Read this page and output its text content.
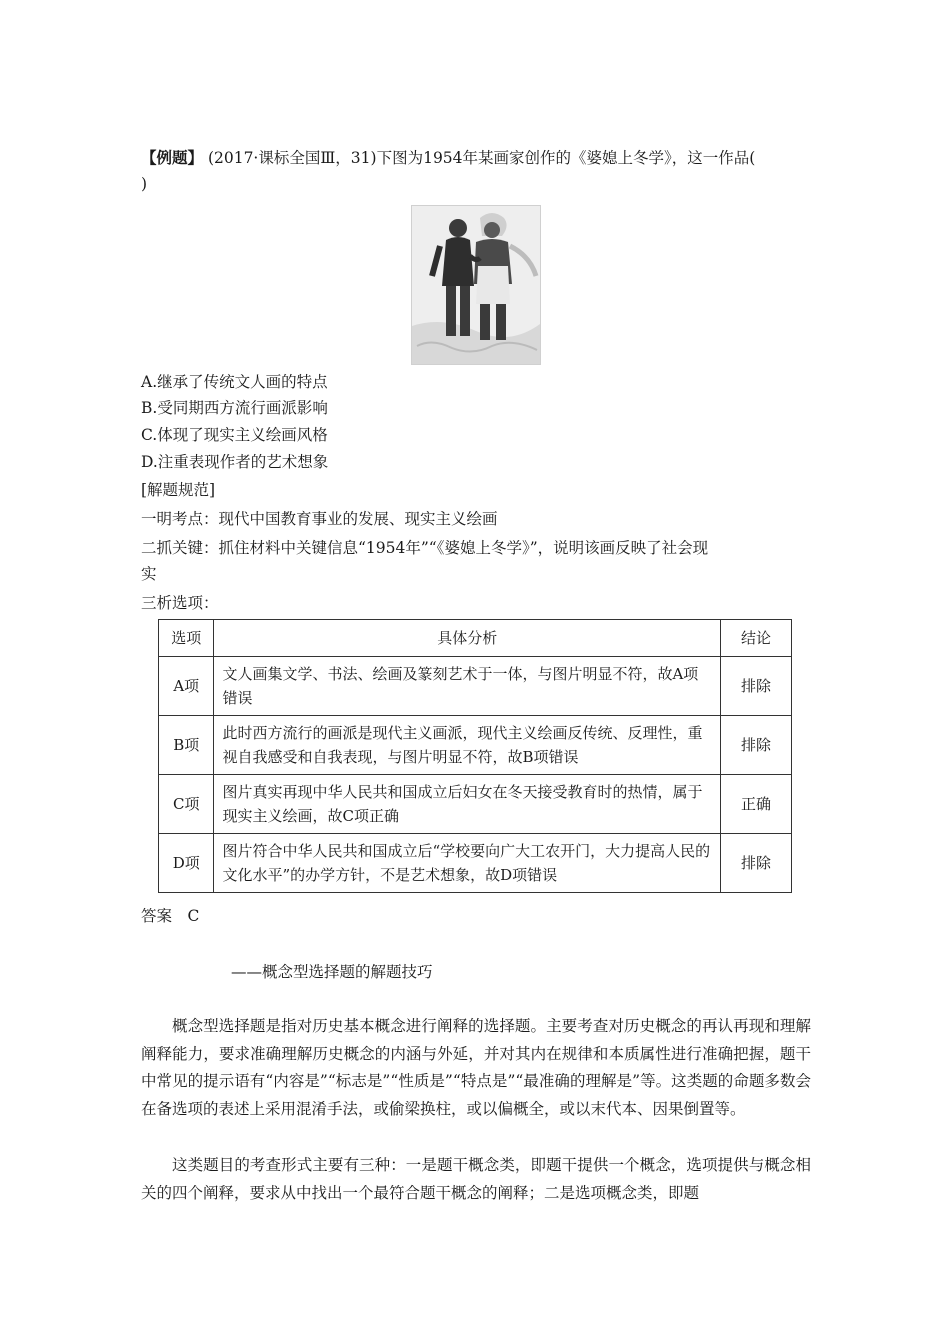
【例题】 (2017·课标全国Ⅲ，31)下图为1954年某画家创作的《婆媳上冬学》，这一作品(
)
A.继承了传统文人画的特点
B.受同期西方流行画派影响
C.体现了现实主义绘画风格
D.注重表现作者的艺术想象
[解题规范]
一明考点：现代中国教育事业的发展、现实主义绘画
二抓关键：抓住材料中关键信息“1954年”“《婆媳上冬学》”，说明该画反映了社会现
实
三析选项：
选项	具体分析	结论
A项	文人画集文学、书法、绘画及篆刻艺术于一体，与图片明显不符，故A项错误	排除
B项	此时西方流行的画派是现代主义画派，现代主义绘画反传统、反理性，重视自我感受和自我表现，与图片明显不符，故B项错误	排除
C项	图片真实再现中华人民共和国成立后妇女在冬天接受教育时的热情，属于现实主义绘画，故C项正确	正确
D项	图片符合中华人民共和国成立后“学校要向广大工农开门，大力提高人民的文化水平”的办学方针，不是艺术想象，故D项错误	排除
答案　C
——概念型选择题的解题技巧
概念型选择题是指对历史基本概念进行阐释的选择题。主要考查对历史概念的再认再现和理解阐释能力，要求准确理解历史概念的内涵与外延，并对其内在规律和本质属性进行准确把握，题干中常见的提示语有“内容是”“标志是”“性质是”“特点是”“最准确的理解是”等。这类题的命题多数会在备选项的表述上采用混淆手法，或偷梁换柱，或以偏概全，或以末代本、因果倒置等。
这类题目的考查形式主要有三种：一是题干概念类，即题干提供一个概念，选项提供与概念相关的四个阐释，要求从中找出一个最符合题干概念的阐释；二是选项概念类，即题
